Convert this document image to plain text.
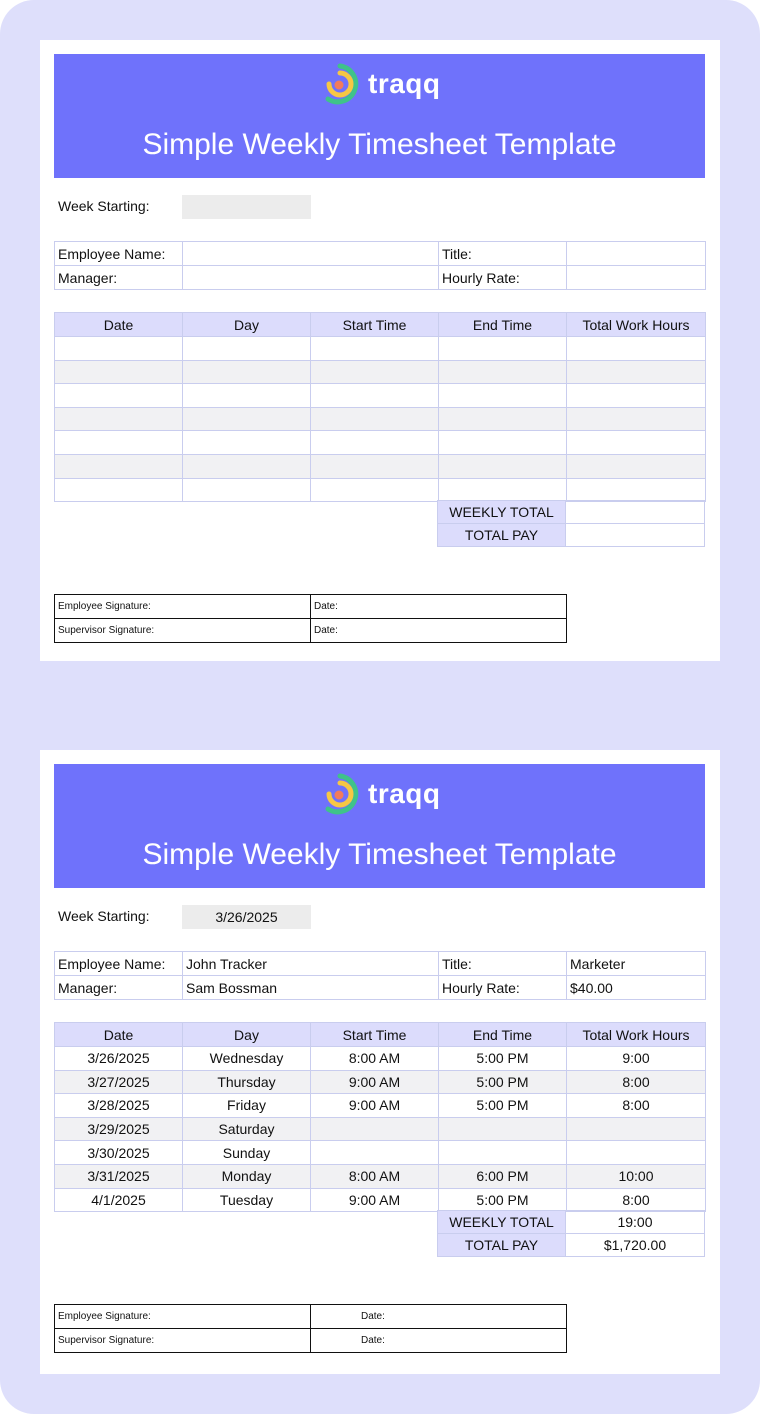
traqq
Simple Weekly Timesheet Template
Week Starting:
Employee Name:		Title:	
Manager:		Hourly Rate:	
Date	Day	Start Time	End Time	Total Work Hours

WEEKLY TOTAL	
TOTAL PAY	
Employee Signature:	Date:
Supervisor Signature:	Date:
traqq
Simple Weekly Timesheet Template
Week Starting:	3/26/2025
Employee Name:	John Tracker	Title:	Marketer
Manager:	Sam Bossman	Hourly Rate:	$40.00
Date	Day	Start Time	End Time	Total Work Hours
3/26/2025	Wednesday	8:00 AM	5:00 PM	9:00
3/27/2025	Thursday	9:00 AM	5:00 PM	8:00
3/28/2025	Friday	9:00 AM	5:00 PM	8:00
3/29/2025	Saturday			
3/30/2025	Sunday			
3/31/2025	Monday	8:00 AM	6:00 PM	10:00
4/1/2025	Tuesday	9:00 AM	5:00 PM	8:00
WEEKLY TOTAL	19:00
TOTAL PAY	$1,720.00
Employee Signature:	Date:
Supervisor Signature:	Date:
